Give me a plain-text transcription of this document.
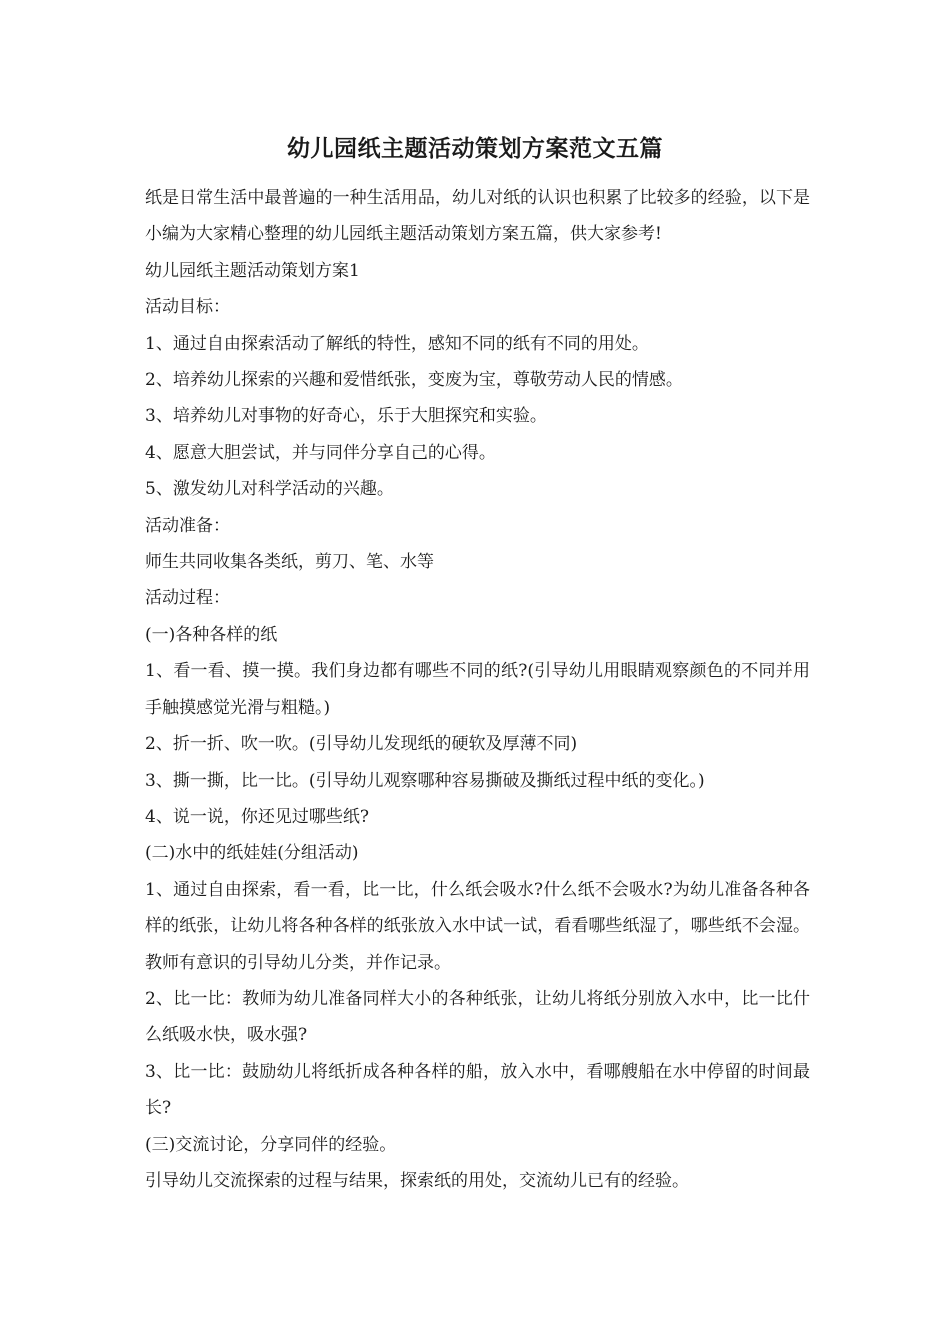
幼儿园纸主题活动策划方案范文五篇

纸是日常生活中最普遍的一种生活用品，幼儿对纸的认识也积累了比较多的经验，以下是小编为大家精心整理的幼儿园纸主题活动策划方案五篇，供大家参考!

幼儿园纸主题活动策划方案1

活动目标：

1、通过自由探索活动了解纸的特性，感知不同的纸有不同的用处。

2、培养幼儿探索的兴趣和爱惜纸张，变废为宝，尊敬劳动人民的情感。

3、培养幼儿对事物的好奇心，乐于大胆探究和实验。

4、愿意大胆尝试，并与同伴分享自己的心得。

5、激发幼儿对科学活动的兴趣。

活动准备：

师生共同收集各类纸，剪刀、笔、水等

活动过程：

(一)各种各样的纸

1、看一看、摸一摸。我们身边都有哪些不同的纸?(引导幼儿用眼睛观察颜色的不同并用手触摸感觉光滑与粗糙。)

2、折一折、吹一吹。(引导幼儿发现纸的硬软及厚薄不同)

3、撕一撕，比一比。(引导幼儿观察哪种容易撕破及撕纸过程中纸的变化。)

4、说一说，你还见过哪些纸?

(二)水中的纸娃娃(分组活动)

1、通过自由探索，看一看，比一比，什么纸会吸水?什么纸不会吸水?为幼儿准备各种各样的纸张，让幼儿将各种各样的纸张放入水中试一试，看看哪些纸湿了，哪些纸不会湿。教师有意识的引导幼儿分类，并作记录。

2、比一比：教师为幼儿准备同样大小的各种纸张，让幼儿将纸分别放入水中，比一比什么纸吸水快，吸水强?

3、比一比：鼓励幼儿将纸折成各种各样的船，放入水中，看哪艘船在水中停留的时间最长?

(三)交流讨论，分享同伴的经验。

引导幼儿交流探索的过程与结果，探索纸的用处，交流幼儿已有的经验。
